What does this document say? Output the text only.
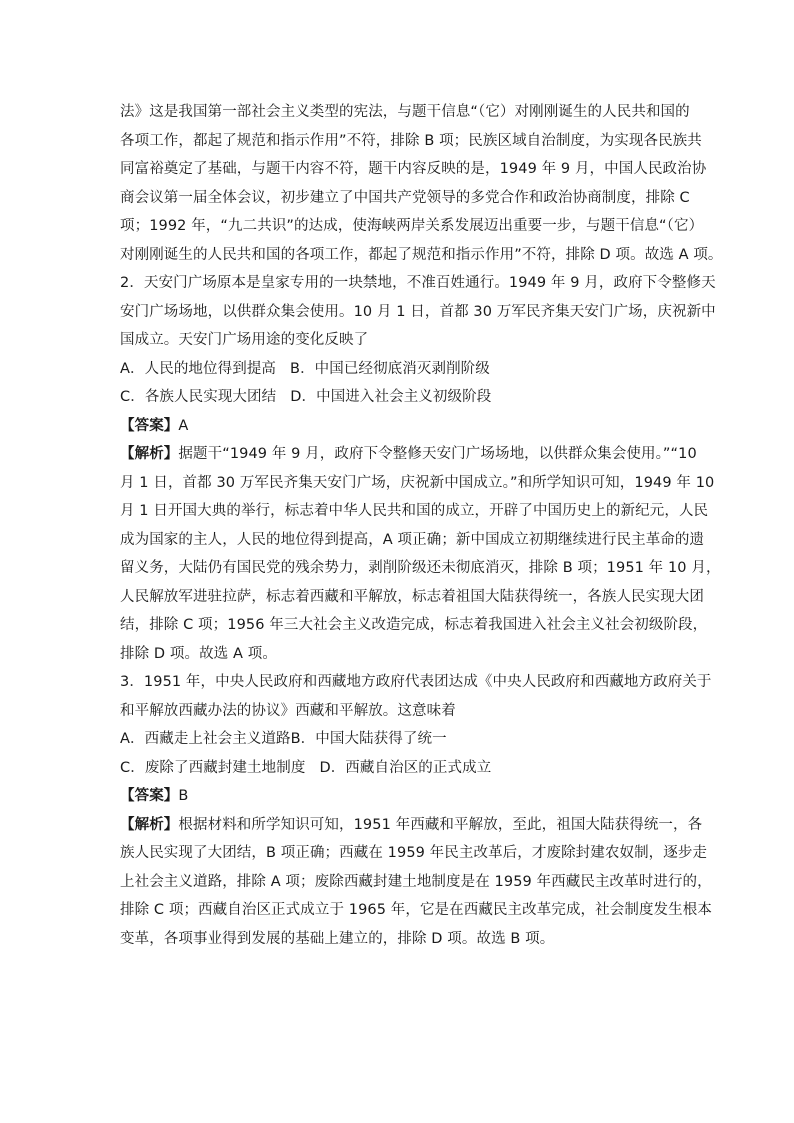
法》这是我国第一部社会主义类型的宪法，与题干信息“（它）对刚刚诞生的人民共和国的
各项工作，都起了规范和指示作用”不符，排除 B 项；民族区域自治制度，为实现各民族共
同富裕奠定了基础，与题干内容不符，题干内容反映的是，1949 年 9 月，中国人民政治协
商会议第一届全体会议，初步建立了中国共产党领导的多党合作和政治协商制度，排除 C
项；1992 年，“九二共识”的达成，使海峡两岸关系发展迈出重要一步，与题干信息“（它）
对刚刚诞生的人民共和国的各项工作，都起了规范和指示作用”不符，排除 D 项。故选 A 项。
2．天安门广场原本是皇家专用的一块禁地，不准百姓通行。1949 年 9 月，政府下令整修天
安门广场场地，以供群众集会使用。10 月 1 日，首都 30 万军民齐集天安门广场，庆祝新中
国成立。天安门广场用途的变化反映了
A．人民的地位得到提高 B．中国已经彻底消灭剥削阶级
C．各族人民实现大团结 D．中国进入社会主义初级阶段
【答案】A
【解析】据题干“1949 年 9 月，政府下令整修天安门广场场地，以供群众集会使用。”“10
月 1 日，首都 30 万军民齐集天安门广场，庆祝新中国成立。”和所学知识可知，1949 年 10
月 1 日开国大典的举行，标志着中华人民共和国的成立，开辟了中国历史上的新纪元，人民
成为国家的主人，人民的地位得到提高，A 项正确；新中国成立初期继续进行民主革命的遗
留义务，大陆仍有国民党的残余势力，剥削阶级还未彻底消灭，排除 B 项；1951 年 10 月，
人民解放军进驻拉萨，标志着西藏和平解放，标志着祖国大陆获得统一，各族人民实现大团
结，排除 C 项；1956 年三大社会主义改造完成，标志着我国进入社会主义社会初级阶段，
排除 D 项。故选 A 项。
3．1951 年，中央人民政府和西藏地方政府代表团达成《中央人民政府和西藏地方政府关于
和平解放西藏办法的协议》西藏和平解放。这意味着
A．西藏走上社会主义道路B．中国大陆获得了统一
C．废除了西藏封建土地制度 D．西藏自治区的正式成立
【答案】B
【解析】根据材料和所学知识可知，1951 年西藏和平解放，至此，祖国大陆获得统一，各
族人民实现了大团结，B 项正确；西藏在 1959 年民主改革后，才废除封建农奴制，逐步走
上社会主义道路，排除 A 项；废除西藏封建土地制度是在 1959 年西藏民主改革时进行的，
排除 C 项；西藏自治区正式成立于 1965 年，它是在西藏民主改革完成，社会制度发生根本
变革，各项事业得到发展的基础上建立的，排除 D 项。故选 B 项。
